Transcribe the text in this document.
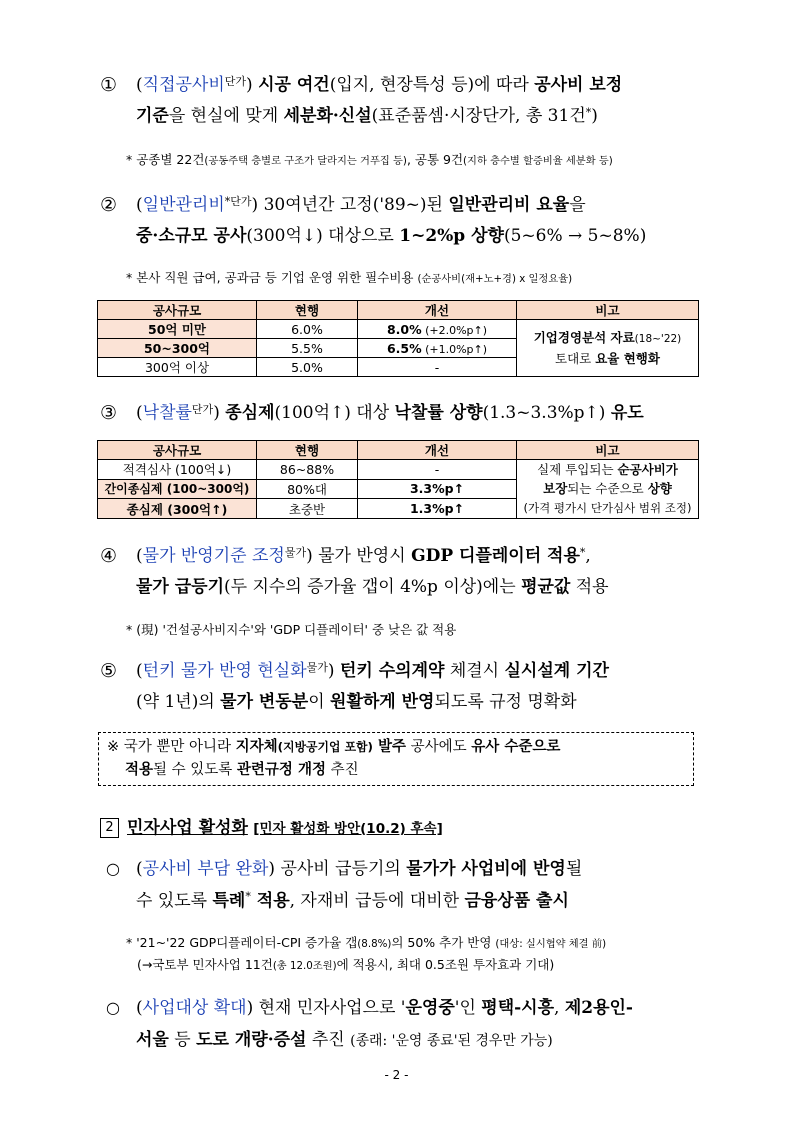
① (직접공사비$^{단가}$) 시공 여건(입지, 현장특성 등)에 따라 공사비 보정
기준을 현실에 맞게 세분화·신설(표준품셈·시장단가, 총 31건*)
* 공종별 22건(공동주택 층별로 구조가 달라지는 거푸집 등), 공통 9건(지하 층수별 할증비율 세분화 등)
② (일반관리비$^{*단가}$) 30여년간 고정('89~)된 일반관리비 요율을
중·소규모 공사(300억↓) 대상으로 1~2%p 상향(5~6% → 5~8%)
* 본사 직원 급여, 공과금 등 기업 운영 위한 필수비용 (순공사비(재+노+경) x 일정요율)
공사규모	현행	개선	비고
50억 미만	6.0%	8.0% (+2.0%p↑)	기업경영분석 자료(18~'22)
토대로 요율 현행화
50~300억	5.5%	6.5% (+1.0%p↑)	
300억 이상	5.0%	-	
③ (낙찰률$^{단가}$) 종심제(100억↑) 대상 낙찰률 상향(1.3~3.3%p↑) 유도
공사규모	현행	개선	비고
적격심사 (100억↓)	86~88%	-	실제 투입되는 순공사비가
보장되는 수준으로 상향
(가격 평가시 단가심사 범위 조정)
간이종심제 (100~300억)	80%대	3.3%p↑	
종심제 (300억↑)	초중반	1.3%p↑	
④ (물가 반영기준 조정$^{물가}$) 물가 반영시 GDP 디플레이터 적용*,
물가 급등기(두 지수의 증가율 갭이 4%p 이상)에는 평균값 적용
* (現) '건설공사비지수'와 'GDP 디플레이터' 중 낮은 값 적용
⑤ (턴키 물가 반영 현실화$^{물가}$) 턴키 수의계약 체결시 실시설계 기간
(약 1년)의 물가 변동분이 원활하게 반영되도록 규정 명확화
※ 국가 뿐만 아니라 지자체(지방공기업 포함) 발주 공사에도 유사 수준으로
적용될 수 있도록 관련규정 개정 추진
2 민자사업 활성화 [민자 활성화 방안(10.2) 후속]
○ (공사비 부담 완화) 공사비 급등기의 물가가 사업비에 반영될
수 있도록 특례* 적용, 자재비 급등에 대비한 금융상품 출시
* '21~'22 GDP디플레이터-CPI 증가율 갭(8.8%)의 50% 추가 반영 (대상: 실시협약 체결 前)
(→국토부 민자사업 11건(총 12.0조원)에 적용시, 최대 0.5조원 투자효과 기대)
○ (사업대상 확대) 현재 민자사업으로 '운영중'인 평택-시흥, 제2용인-
서울 등 도로 개량·증설 추진 (종래: '운영 종료'된 경우만 가능)
- 2 -
